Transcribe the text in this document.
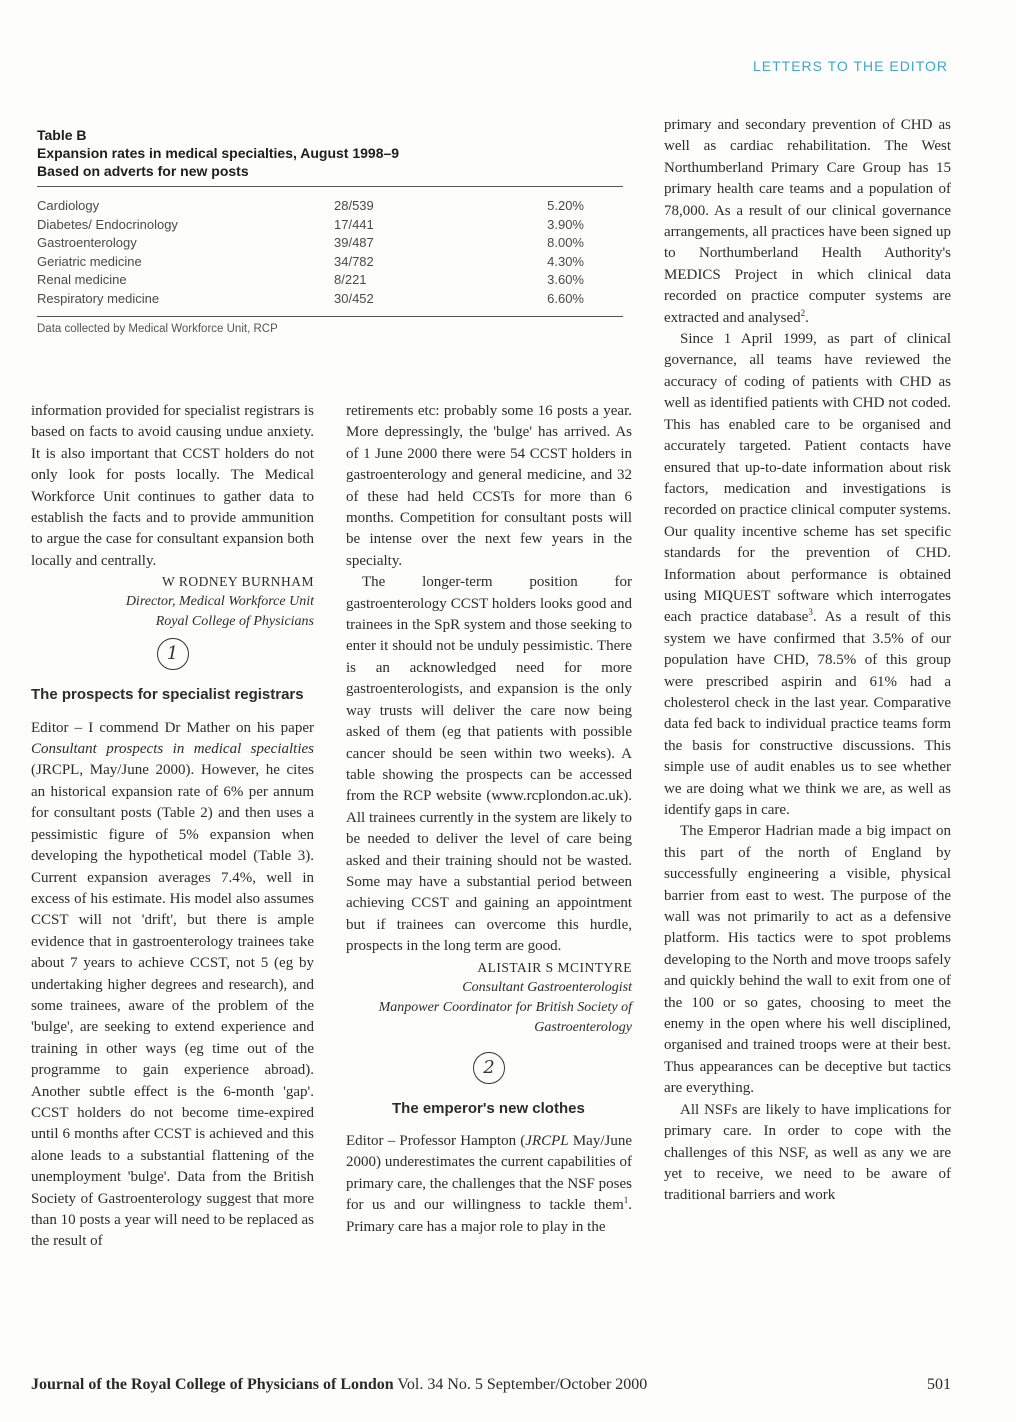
LETTERS TO THE EDITOR
Table B
Expansion rates in medical specialties, August 1998–9
Based on adverts for new posts
Cardiology	28/539	5.20%
Diabetes/ Endocrinology	17/441	3.90%
Gastroenterology	39/487	8.00%
Geriatric medicine	34/782	4.30%
Renal medicine	8/221	3.60%
Respiratory medicine	30/452	6.60%
Data collected by Medical Workforce Unit, RCP

information provided for specialist registrars is based on facts to avoid causing undue anxiety. It is also important that CCST holders do not only look for posts locally. The Medical Workforce Unit continues to gather data to establish the facts and to provide ammunition to argue the case for consultant expansion both locally and centrally.

W RODNEY BURNHAM
Director, Medical Workforce Unit
Royal College of Physicians
1
The prospects for specialist registrars

Editor – I commend Dr Mather on his paper Consultant prospects in medical specialties (JRCPL, May/June 2000). However, he cites an historical expansion rate of 6% per annum for consultant posts (Table 2) and then uses a pessimistic figure of 5% expansion when developing the hypothetical model (Table 3). Current expansion averages 7.4%, well in excess of his estimate. His model also assumes CCST will not 'drift', but there is ample evidence that in gastroenterology trainees take about 7 years to achieve CCST, not 5 (eg by undertaking higher degrees and research), and some trainees, aware of the problem of the 'bulge', are seeking to extend experience and training in other ways (eg time out of the programme to gain experience abroad). Another subtle effect is the 6-month 'gap'. CCST holders do not become time-expired until 6 months after CCST is achieved and this alone leads to a substantial flattening of the unemployment 'bulge'. Data from the British Society of Gastroenterology suggest that more than 10 posts a year will need to be replaced as the result of

retirements etc: probably some 16 posts a year. More depressingly, the 'bulge' has arrived. As of 1 June 2000 there were 54 CCST holders in gastroenterology and general medicine, and 32 of these had held CCSTs for more than 6 months. Competition for consultant posts will be intense over the next few years in the specialty.

The longer-term position for gastroenterology CCST holders looks good and trainees in the SpR system and those seeking to enter it should not be unduly pessimistic. There is an acknowledged need for more gastroenterologists, and expansion is the only way trusts will deliver the care now being asked of them (eg that patients with possible cancer should be seen within two weeks). A table showing the prospects can be accessed from the RCP website (www.rcplondon.ac.uk). All trainees currently in the system are likely to be needed to deliver the level of care being asked and their training should not be wasted. Some may have a substantial period between achieving CCST and gaining an appointment but if trainees can overcome this hurdle, prospects in the long term are good.

ALISTAIR S MCINTYRE
Consultant Gastroenterologist
Manpower Coordinator for British Society of Gastroenterology
2
The emperor's new clothes

Editor – Professor Hampton (JRCPL May/June 2000) underestimates the current capabilities of primary care, the challenges that the NSF poses for us and our willingness to tackle them$^1$. Primary care has a major role to play in the

primary and secondary prevention of CHD as well as cardiac rehabilitation. The West Northumberland Primary Care Group has 15 primary health care teams and a population of 78,000. As a result of our clinical governance arrangements, all practices have been signed up to Northumberland Health Authority's MEDICS Project in which clinical data recorded on practice computer systems are extracted and analysed$^2$.

Since 1 April 1999, as part of clinical governance, all teams have reviewed the accuracy of coding of patients with CHD as well as identified patients with CHD not coded. This has enabled care to be organised and accurately targeted. Patient contacts have ensured that up-to-date information about risk factors, medication and investigations is recorded on practice clinical computer systems. Our quality incentive scheme has set specific standards for the prevention of CHD. Information about performance is obtained using MIQUEST software which interrogates each practice database$^3$. As a result of this system we have confirmed that 3.5% of our population have CHD, 78.5% of this group were prescribed aspirin and 61% had a cholesterol check in the last year. Comparative data fed back to individual practice teams form the basis for constructive discussions. This simple use of audit enables us to see whether we are doing what we think we are, as well as identify gaps in care.

The Emperor Hadrian made a big impact on this part of the north of England by successfully engineering a visible, physical barrier from east to west. The purpose of the wall was not primarily to act as a defensive platform. His tactics were to spot problems developing to the North and move troops safely and quickly behind the wall to exit from one of the 100 or so gates, choosing to meet the enemy in the open where his well disciplined, organised and trained troops were at their best. Thus appearances can be deceptive but tactics are everything.

All NSFs are likely to have implications for primary care. In order to cope with the challenges of this NSF, as well as any we are yet to receive, we need to be aware of traditional barriers and work

Journal of the Royal College of Physicians of London Vol. 34 No. 5 September/October 2000	501
